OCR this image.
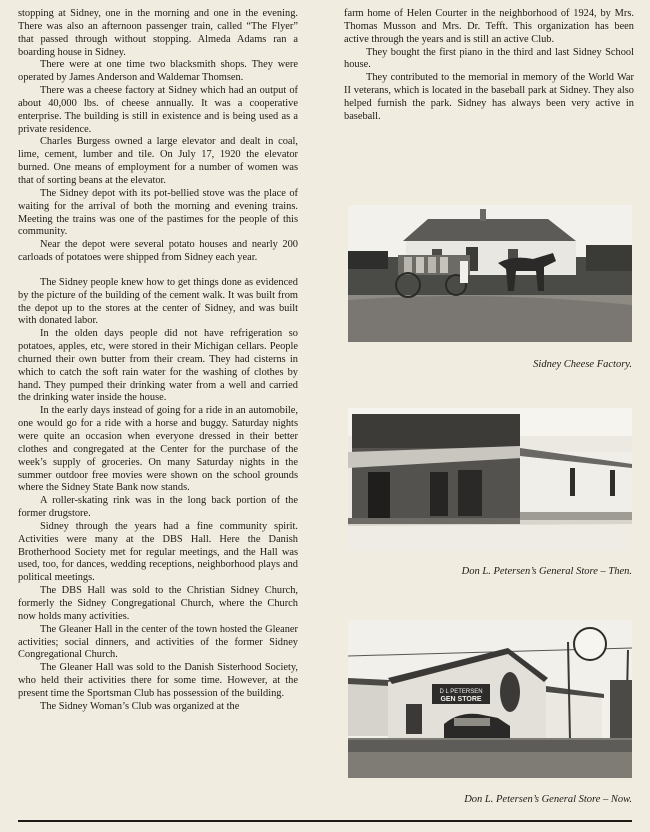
stopping at Sidney, one in the morning and one in the evening. There was also an afternoon passenger train, called “The Flyer” that passed through without stopping. Almeda Adams ran a boarding house in Sidney.

There were at one time two blacksmith shops. They were operated by James Anderson and Waldemar Thomsen.

There was a cheese factory at Sidney which had an output of about 40,000 lbs. of cheese annually. It was a cooperative enterprise. The building is still in existence and is being used as a private residence.

Charles Burgess owned a large elevator and dealt in coal, lime, cement, lumber and tile. On July 17, 1920 the elevator burned. One means of employment for a number of women was that of sorting beans at the elevator.

The Sidney depot with its pot-bellied stove was the place of waiting for the arrival of both the morning and evening trains. Meeting the trains was one of the pastimes for the people of this community.

Near the depot were several potato houses and nearly 200 carloads of potatoes were shipped from Sidney each year.

The Sidney people knew how to get things done as evidenced by the picture of the building of the cement walk. It was built from the depot up to the stores at the center of Sidney, and was built with donated labor.

In the olden days people did not have refrigeration so potatoes, apples, etc, were stored in their Michigan cellars. People churned their own butter from their cream. They had cisterns in which to catch the soft rain water for the washing of clothes by hand. They pumped their drinking water from a well and carried the drinking water inside the house.

In the early days instead of going for a ride in an automobile, one would go for a ride with a horse and buggy. Saturday nights were quite an occasion when everyone dressed in their better clothes and congregated at the Center for the purchase of the week’s supply of groceries. On many Saturday nights in the summer outdoor free movies were shown on the school grounds where the Sidney State Bank now stands.

A roller-skating rink was in the long back portion of the former drugstore.

Sidney through the years had a fine community spirit. Activities were many at the DBS Hall. Here the Danish Brotherhood Society met for regular meetings, and the Hall was used, too, for dances, wedding receptions, neighborhood plays and political meetings.

The DBS Hall was sold to the Christian Sidney Church, formerly the Sidney Congregational Church, where the Church now holds many activities.

The Gleaner Hall in the center of the town hosted the Gleaner activities; social dinners, and activities of the former Sidney Congregational Church.

The Gleaner Hall was sold to the Danish Sisterhood Society, who held their activities there for some time. However, at the present time the Sportsman Club has possession of the building.

The Sidney Woman’s Club was organized at the

farm home of Helen Courter in the neighborhood of 1924, by Mrs. Thomas Musson and Mrs. Dr. Tefft. This organization has been active through the years and is still an active Club.

They bought the first piano in the third and last Sidney School house.

They contributed to the memorial in memory of the World War II veterans, which is located in the baseball park at Sidney. They also helped furnish the park. Sidney has always been very active in baseball.

Sidney Cheese Factory.
Don L. Petersen’s General Store – Then.
D L PETERSEN
GEN STORE
Don L. Petersen’s General Store – Now.
